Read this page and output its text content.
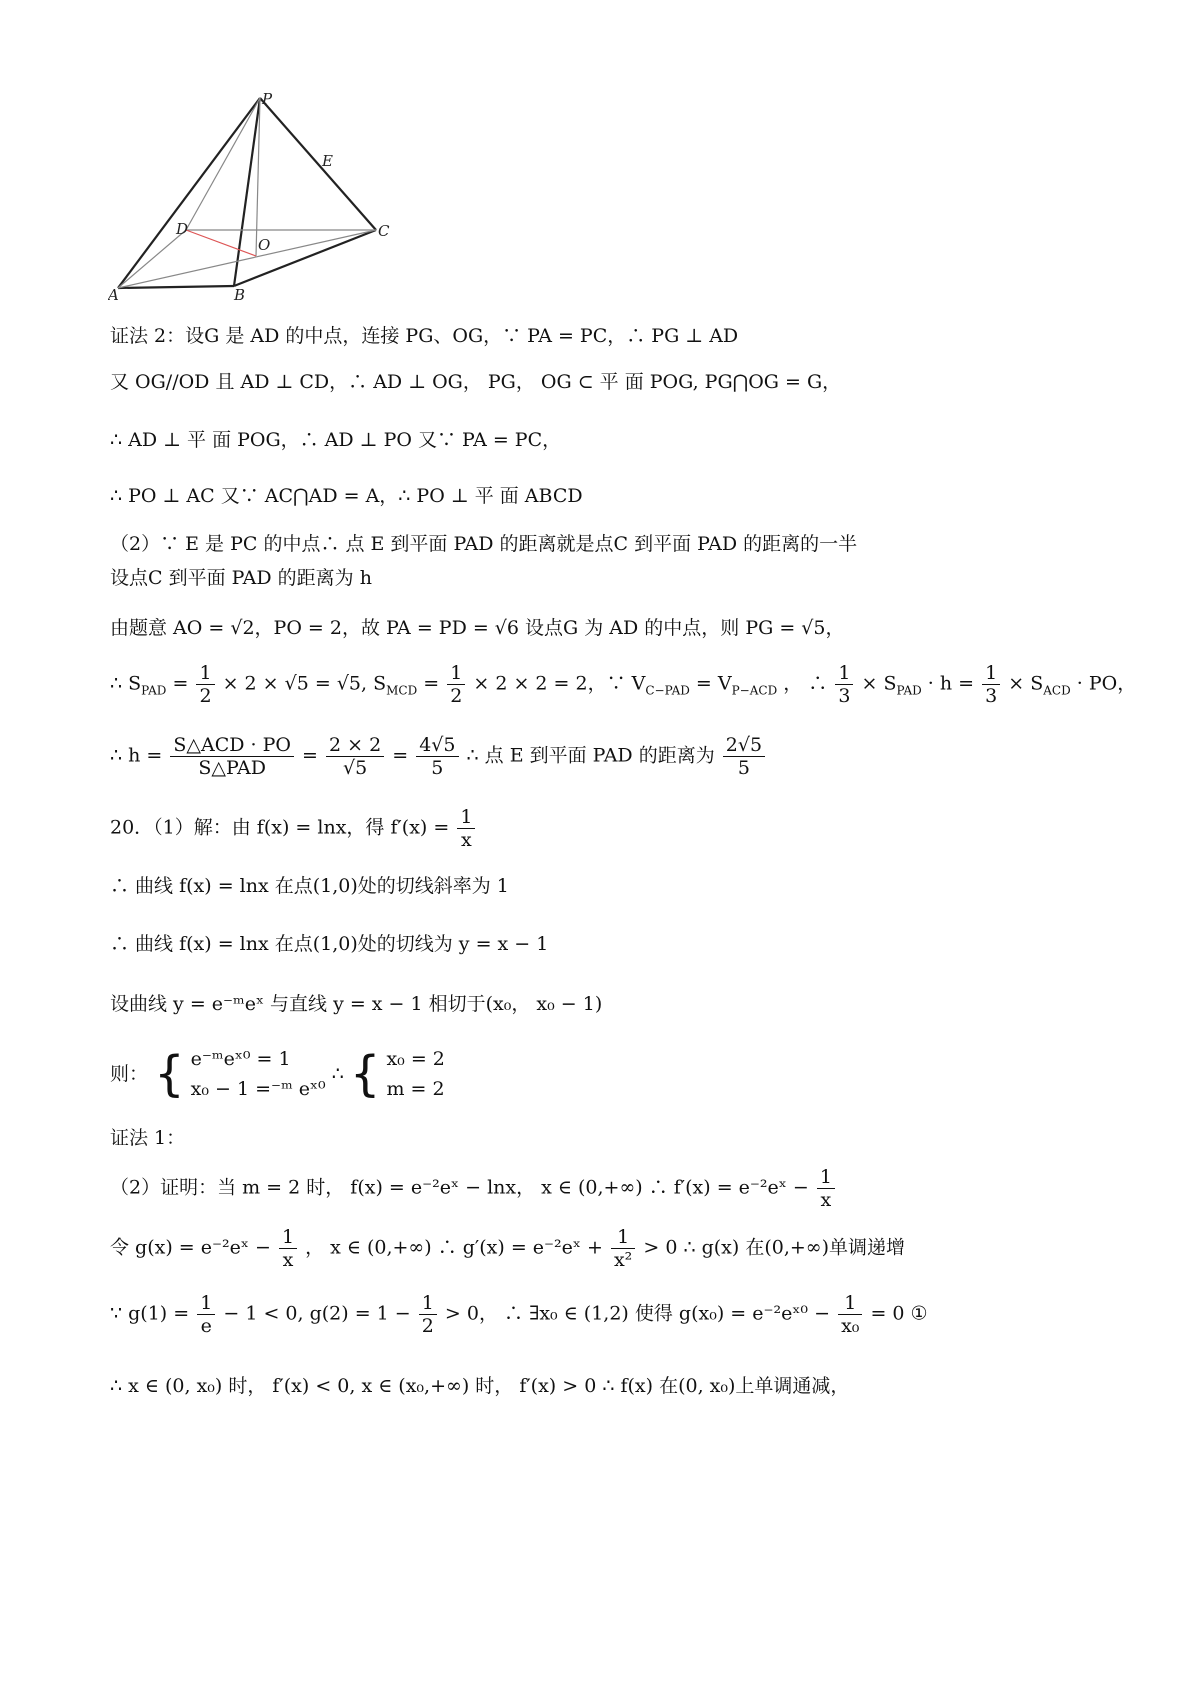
P
E
D
O
C
A	B
证法 2：设G 是 AD 的中点，连接 PG、OG，∵ PA = PC，∴ PG ⊥ AD
又 OG//OD 且 AD ⊥ CD，∴ AD ⊥ OG， PG， OG ⊂ 平 面 POG, PG⋂OG = G，
∴ AD ⊥ 平 面 POG，∴ AD ⊥ PO 又∵ PA = PC，
∴ PO ⊥ AC 又∵ AC⋂AD = A，∴ PO ⊥ 平 面 ABCD
（2）∵ E 是 PC 的中点∴ 点 E 到平面 PAD 的距离就是点C 到平面 PAD 的距离的一半
设点C 到平面 PAD 的距离为 h
由题意 AO = √2，PO = 2，故 PA = PD = √6 设点G 为 AD 的中点，则 PG = √5，
∴ $S_{PAD} = \frac{1}{2} \times 2 \times √5 = √5$, $S_{MCD} = \frac{1}{2} \times 2 \times 2 = 2$，∵ $V_{C-PAD} = V_{P-ACD}$ ， ∴ $\frac{1}{3} \times S_{PAD} \cdot h = \frac{1}{3} \times S_{ACD}$ · PO，
∴ $h = \frac{\text{S△ACD · PO}}{\text{S△PAD}} = \frac{2 \times 2}{√5} = \frac{4√5}{5}$ ∴ 点 E 到平面 PAD 的距离为 $\frac{2√5}{5}$
20．（1）解：由 f(x) = lnx，得 $f'(x) = \frac{1}{x}$
∴ 曲线 f(x) = lnx 在点(1,0)处的切线斜率为 1
∴ 曲线 f(x) = lnx 在点(1,0)处的切线为 y = x − 1
设曲线 y = e⁻ᵐeˣ 与直线 y = x − 1 相切于(x₀， x₀ − 1)
则： { e⁻ᵐeˣ⁰ = 1
x₀ − 1 =⁻ᵐ eˣ⁰
∴ { x₀ = 2
m = 2
证法 1：
（2）证明：当 m = 2 时， f(x) = e⁻²eˣ − lnx， x ∈ (0,+∞) ∴ f′(x) = e⁻²eˣ − $\frac{1}{x}$
令 g(x) = e⁻²eˣ − $\frac{1}{x}$ ， x ∈ (0,+∞) ∴ g′(x) = e⁻²eˣ + $\frac{1}{\text{x²}} > 0$ ∴ g(x) 在(0,+∞)单调递增
∵ $g(1) = \frac{1}{e} - 1 < 0$, $g(2) = 1 - \frac{1}{2} > 0$， ∴ ∃x₀ ∈ (1,2) 使得 g(x₀) = e⁻²eˣ⁰ − $\frac{1}{\text{x₀}} = 0$ ①
∴ x ∈ (0, x₀) 时， f′(x) < 0, x ∈ (x₀,+∞) 时， f′(x) > 0 ∴ f(x) 在(0, x₀)上单调通减，
